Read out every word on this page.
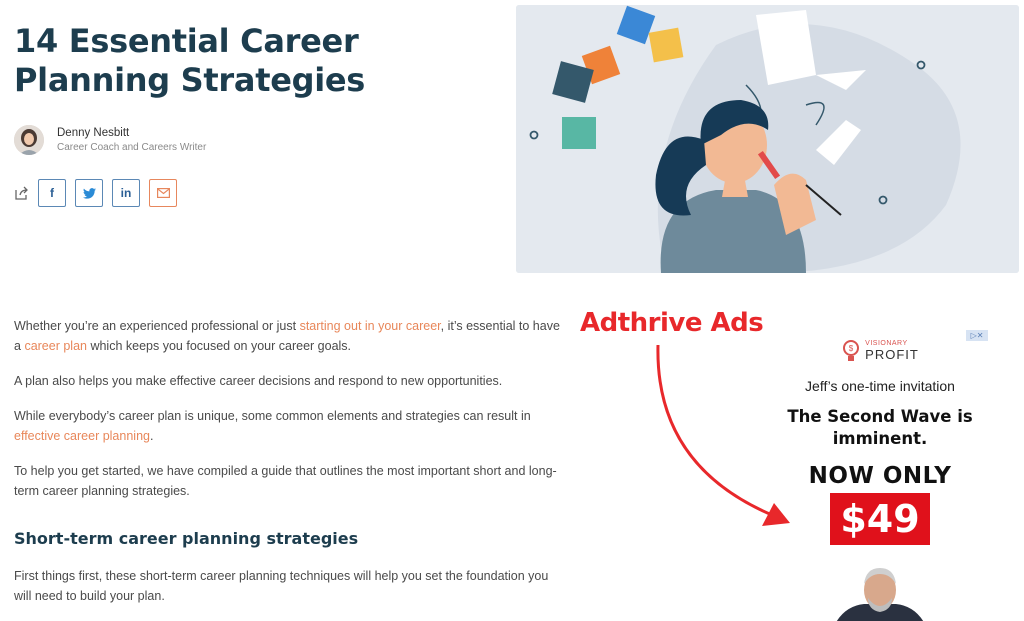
14 Essential Career Planning Strategies
Denny Nesbitt
Career Coach and Careers Writer
f	in

Whether you’re an experienced professional or just starting out in your career, it’s essential to have a career plan which keeps you focused on your career goals.

A plan also helps you make effective career decisions and respond to new opportunities.

While everybody’s career plan is unique, some common elements and strategies can result in effective career planning.

To help you get started, we have compiled a guide that outlines the most important short and long-term career planning strategies.

Short-term career planning strategies

First things first, these short-term career planning techniques will help you set the foundation you will need to build your plan.

Adthrive Ads	▷✕
$
VISIONARY
PROFIT
Jeff’s one-time invitation
The Second Wave is imminent.
NOW ONLY
$49
